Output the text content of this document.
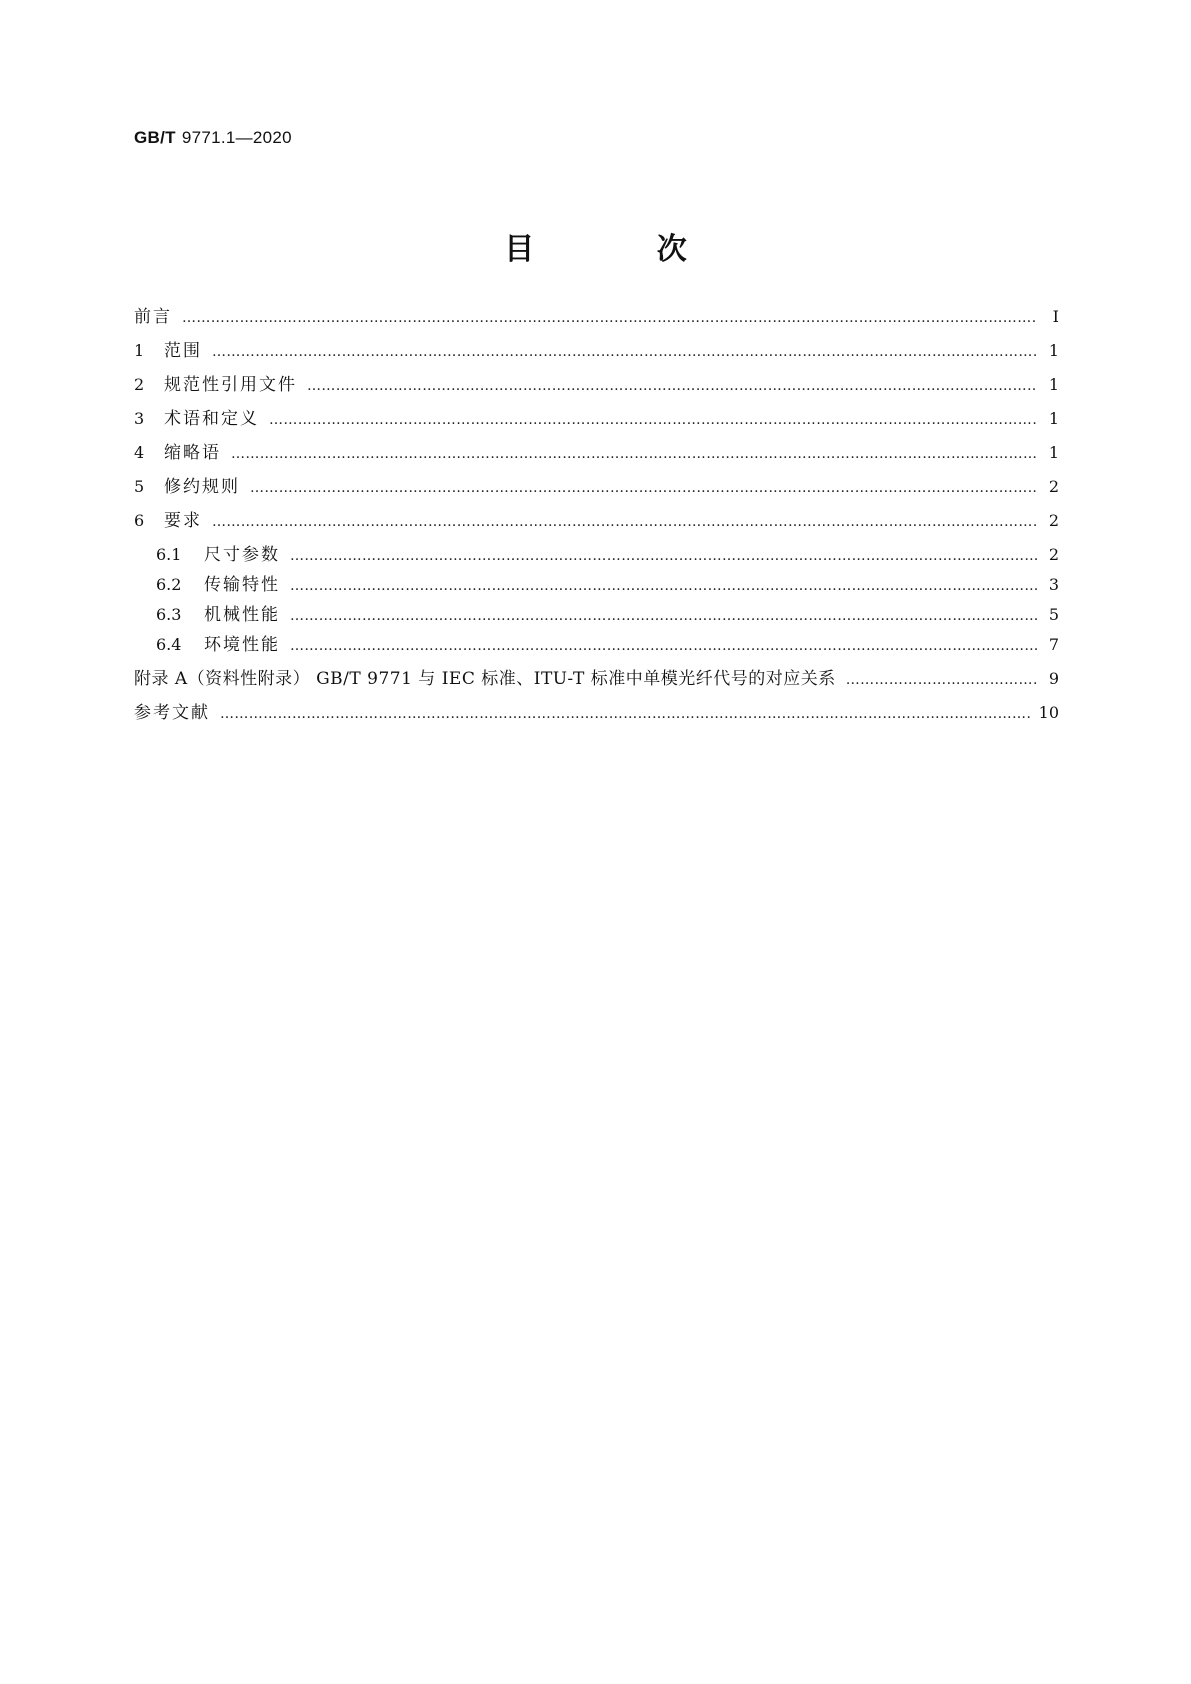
GB/T 9771.1—2020
目 次
前言 …………………………………………………………………………………………………………………………………………………………………………………………………………………………………………………………………………………………	Ⅰ
1	范围 …………………………………………………………………………………………………………………………………………………………………………………………………………………………………………………………………………………………	1
2	规范性引用文件 …………………………………………………………………………………………………………………………………………………………………………………………………………………………………………………………………………………………	1
3	术语和定义 …………………………………………………………………………………………………………………………………………………………………………………………………………………………………………………………………………………………	1
4	缩略语 …………………………………………………………………………………………………………………………………………………………………………………………………………………………………………………………………………………………	1
5	修约规则 …………………………………………………………………………………………………………………………………………………………………………………………………………………………………………………………………………………………	2
6	要求 …………………………………………………………………………………………………………………………………………………………………………………………………………………………………………………………………………………………	2
6.1	尺寸参数 …………………………………………………………………………………………………………………………………………………………………………………………………………………………………………………………………………………………	2
6.2	传输特性 …………………………………………………………………………………………………………………………………………………………………………………………………………………………………………………………………………………………	3
6.3	机械性能 …………………………………………………………………………………………………………………………………………………………………………………………………………………………………………………………………………………………	5
6.4	环境性能 …………………………………………………………………………………………………………………………………………………………………………………………………………………………………………………………………………………………	7
附录 A（资料性附录） GB/T 9771 与 IEC 标准、ITU-T 标准中单模光纤代号的对应关系 …………………………………………………………………………………………………………………………………………………………………………………………………………………………………………………………………………………………	9
参考文献 …………………………………………………………………………………………………………………………………………………………………………………………………………………………………………………………………………………………	10
